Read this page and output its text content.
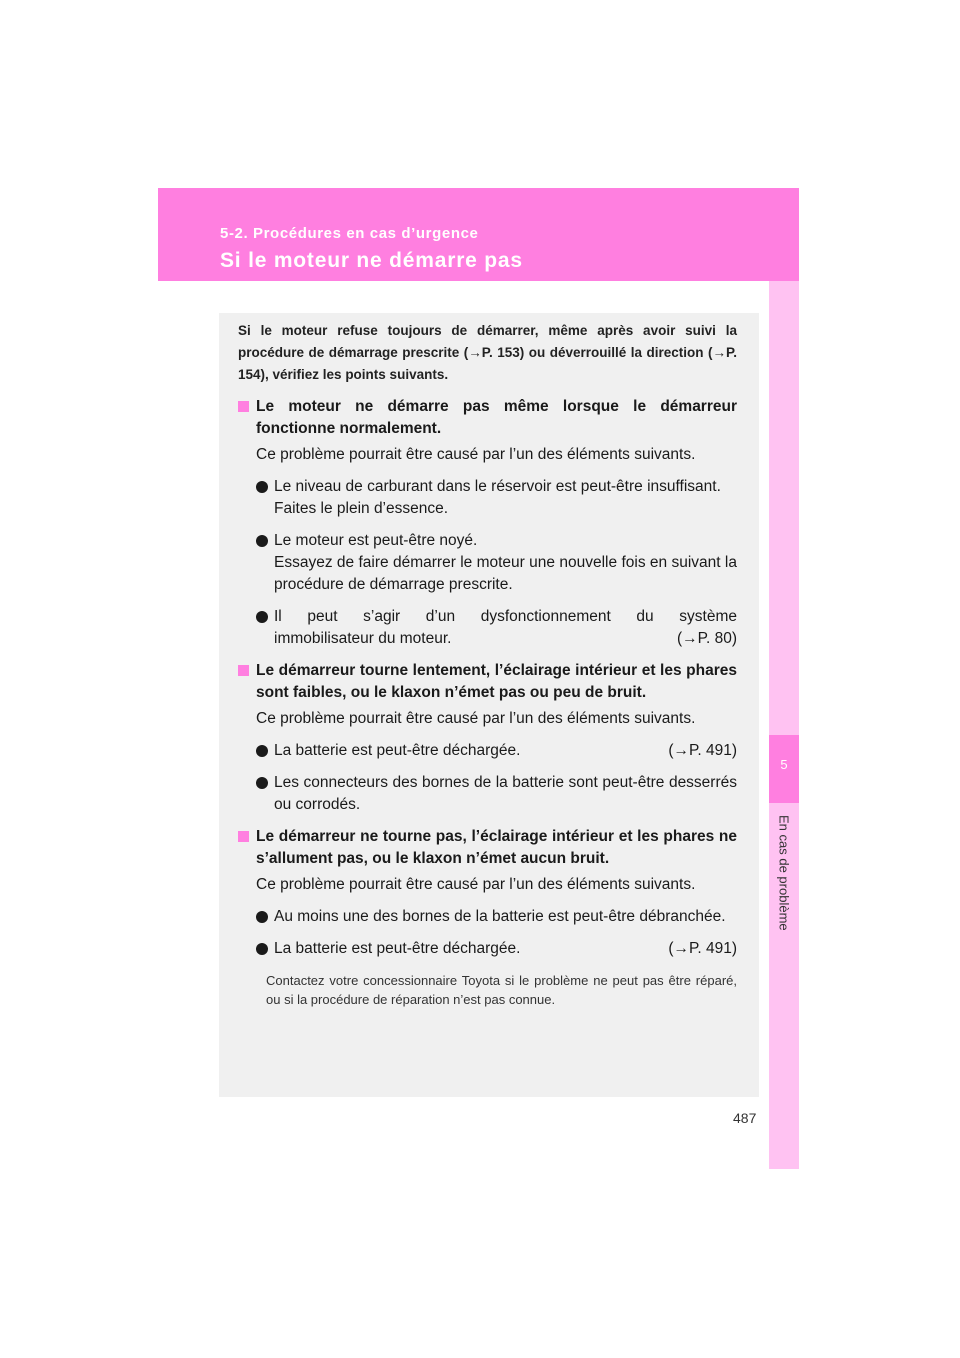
5-2. Procédures en cas d’urgence
Si le moteur ne démarre pas
5
En cas de problème

Si le moteur refuse toujours de démarrer, même après avoir suivi la procédure de démarrage prescrite (→P. 153) ou déverrouillé la direction (→P. 154), vérifiez les points suivants.

Le moteur ne démarre pas même lorsque le démarreur fonctionne normalement.

Ce problème pourrait être causé par l’un des éléments suivants.

Le niveau de carburant dans le réservoir est peut-être insuffisant.
Faites le plein d’essence.
Le moteur est peut-être noyé.
Essayez de faire démarrer le moteur une nouvelle fois en suivant la procédure de démarrage prescrite.
Il peut s’agir d’un dysfonctionnement du système
immobilisateur du moteur.	(→P. 80)
Le démarreur tourne lentement, l’éclairage intérieur et les phares sont faibles, ou le klaxon n’émet pas ou peu de bruit.

Ce problème pourrait être causé par l’un des éléments suivants.

La batterie est peut-être déchargée.	(→P. 491)
Les connecteurs des bornes de la batterie sont peut-être desserrés ou corrodés.
Le démarreur ne tourne pas, l’éclairage intérieur et les phares ne s’allument pas, ou le klaxon n’émet aucun bruit.

Ce problème pourrait être causé par l’un des éléments suivants.

Au moins une des bornes de la batterie est peut-être débranchée.
La batterie est peut-être déchargée.	(→P. 491)

Contactez votre concessionnaire Toyota si le problème ne peut pas être réparé, ou si la procédure de réparation n’est pas connue.

487
